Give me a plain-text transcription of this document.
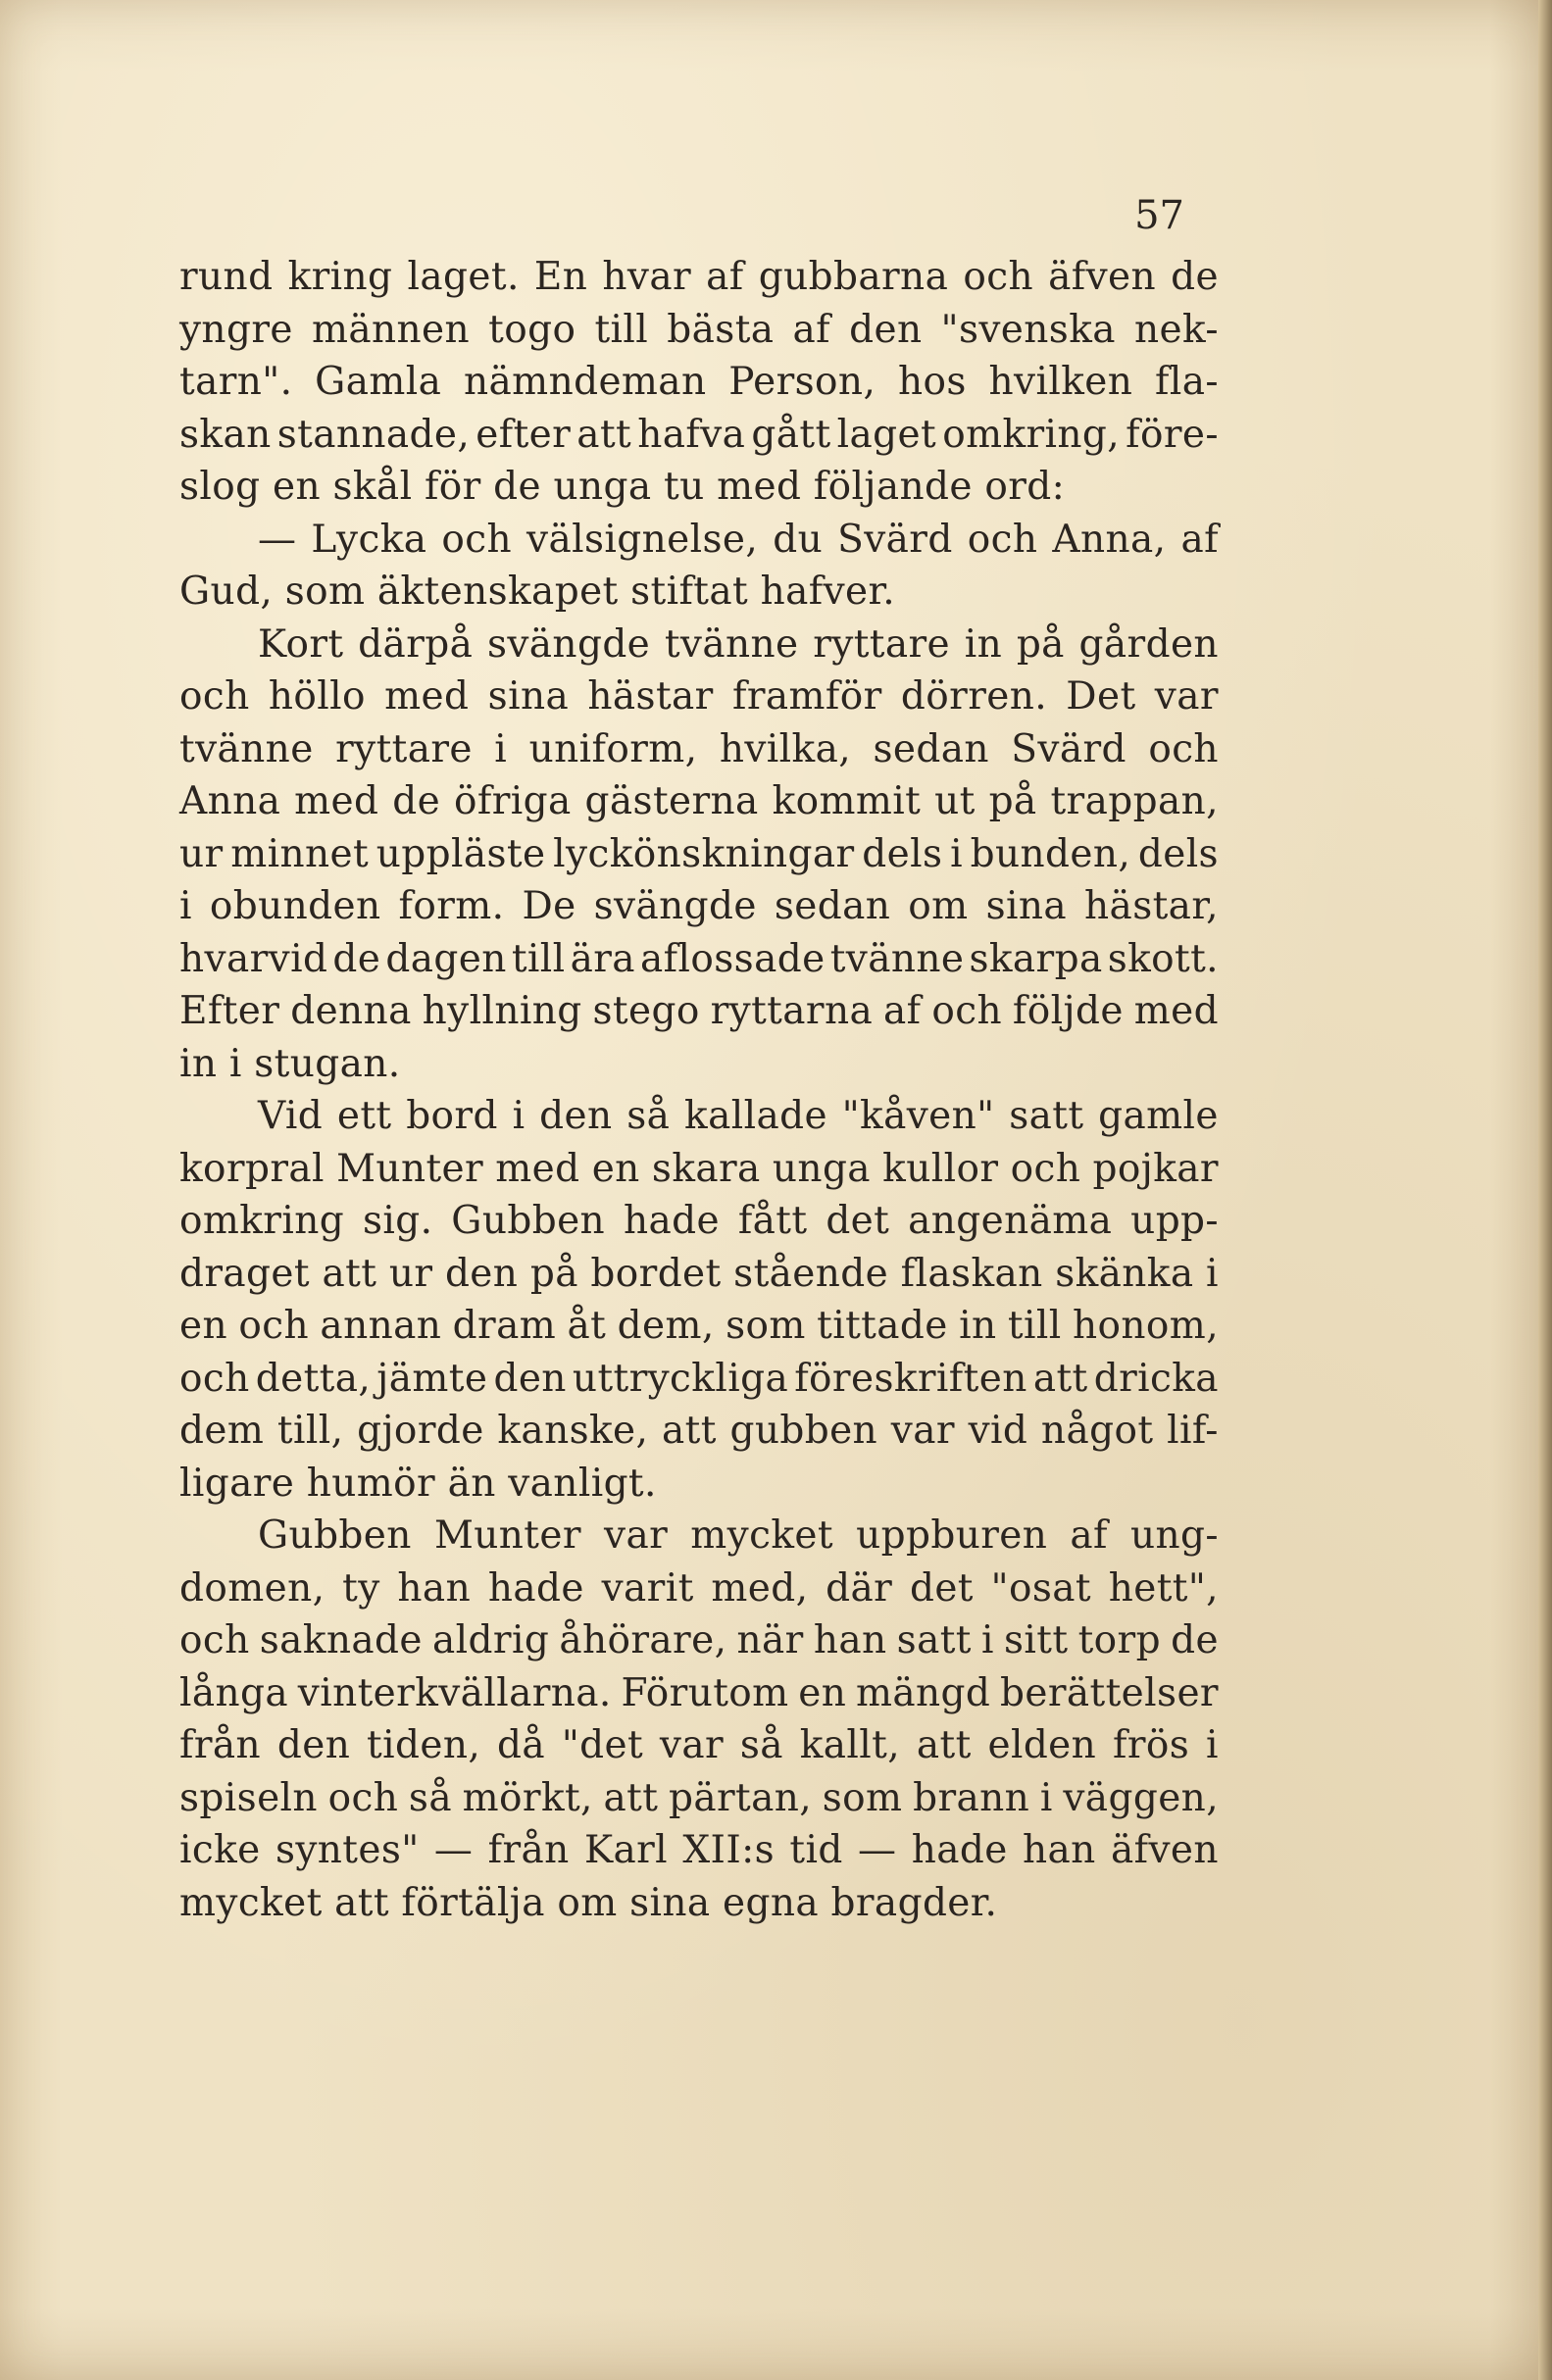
57
rund kring laget. En hvar af gubbarna och äfven de
yngre männen togo till bästa af den "svenska nek-
tarn". Gamla nämndeman Person, hos hvilken fla-
skan stannade, efter att hafva gått laget omkring, före-
slog en skål för de unga tu med följande ord:
— Lycka och välsignelse, du Svärd och Anna, af
Gud, som äktenskapet stiftat hafver.
Kort därpå svängde tvänne ryttare in på gården
och höllo med sina hästar framför dörren. Det var
tvänne ryttare i uniform, hvilka, sedan Svärd och
Anna med de öfriga gästerna kommit ut på trappan,
ur minnet uppläste lyckönskningar dels i bunden, dels
i obunden form. De svängde sedan om sina hästar,
hvarvid de dagen till ära aflossade tvänne skarpa skott.
Efter denna hyllning stego ryttarna af och följde med
in i stugan.
Vid ett bord i den så kallade "kåven" satt gamle
korpral Munter med en skara unga kullor och pojkar
omkring sig. Gubben hade fått det angenäma upp-
draget att ur den på bordet stående flaskan skänka i
en och annan dram åt dem, som tittade in till honom,
och detta, jämte den uttryckliga föreskriften att dricka
dem till, gjorde kanske, att gubben var vid något lif-
ligare humör än vanligt.
Gubben Munter var mycket uppburen af ung-
domen, ty han hade varit med, där det "osat hett",
och saknade aldrig åhörare, när han satt i sitt torp de
långa vinterkvällarna. Förutom en mängd berättelser
från den tiden, då "det var så kallt, att elden frös i
spiseln och så mörkt, att pärtan, som brann i väggen,
icke syntes" — från Karl XII:s tid — hade han äfven
mycket att förtälja om sina egna bragder.
